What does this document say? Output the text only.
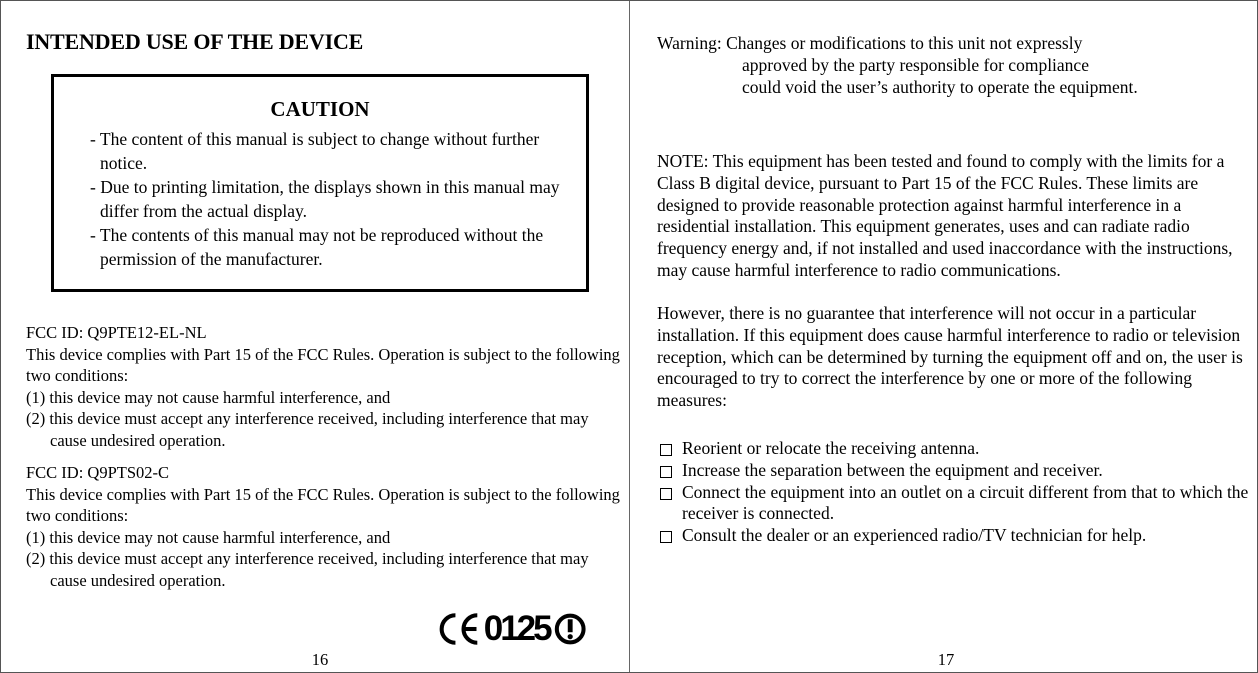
INTENDED USE OF THE DEVICE
CAUTION
- The content of this manual is subject to change without further notice.
- Due to printing limitation, the displays shown in this manual may differ from the actual display.
- The contents of this manual may not be reproduced without the permission of the manufacturer.

FCC ID: Q9PTE12-EL-NL

This device complies with Part 15 of the FCC Rules. Operation is subject to the following two conditions:

(1) this device may not cause harmful interference, and

(2) this device must accept any interference received, including interference that may cause undesired operation.

FCC ID: Q9PTS02-C

This device complies with Part 15 of the FCC Rules. Operation is subject to the following two conditions:

(1) this device may not cause harmful interference, and

(2) this device must accept any interference received, including interference that may cause undesired operation.

0125
16
Warning:
Changes or modifications to this unit not expressly
approved by the party responsible for compliance
could void the user’s authority to operate the equipment.

NOTE: This equipment has been tested and found to comply with the limits for a Class B digital device, pursuant to Part 15 of the FCC Rules. These limits are designed to provide reasonable protection against harmful interference in a residential installation. This equipment generates, uses and can radiate radio frequency energy and, if not installed and used inaccordance with the instructions, may cause harmful interference to radio communications.

However, there is no guarantee that interference will not occur in a particular installation. If this equipment does cause harmful interference to radio or television reception, which can be determined by turning the equipment off and on, the user is encouraged to try to correct the interference by one or more of the following measures:

Reorient or relocate the receiving antenna.
Increase the separation between the equipment and receiver.
Connect the equipment into an outlet on a circuit different from that to which the receiver is connected.
Consult the dealer or an experienced radio/TV technician for help.
17
